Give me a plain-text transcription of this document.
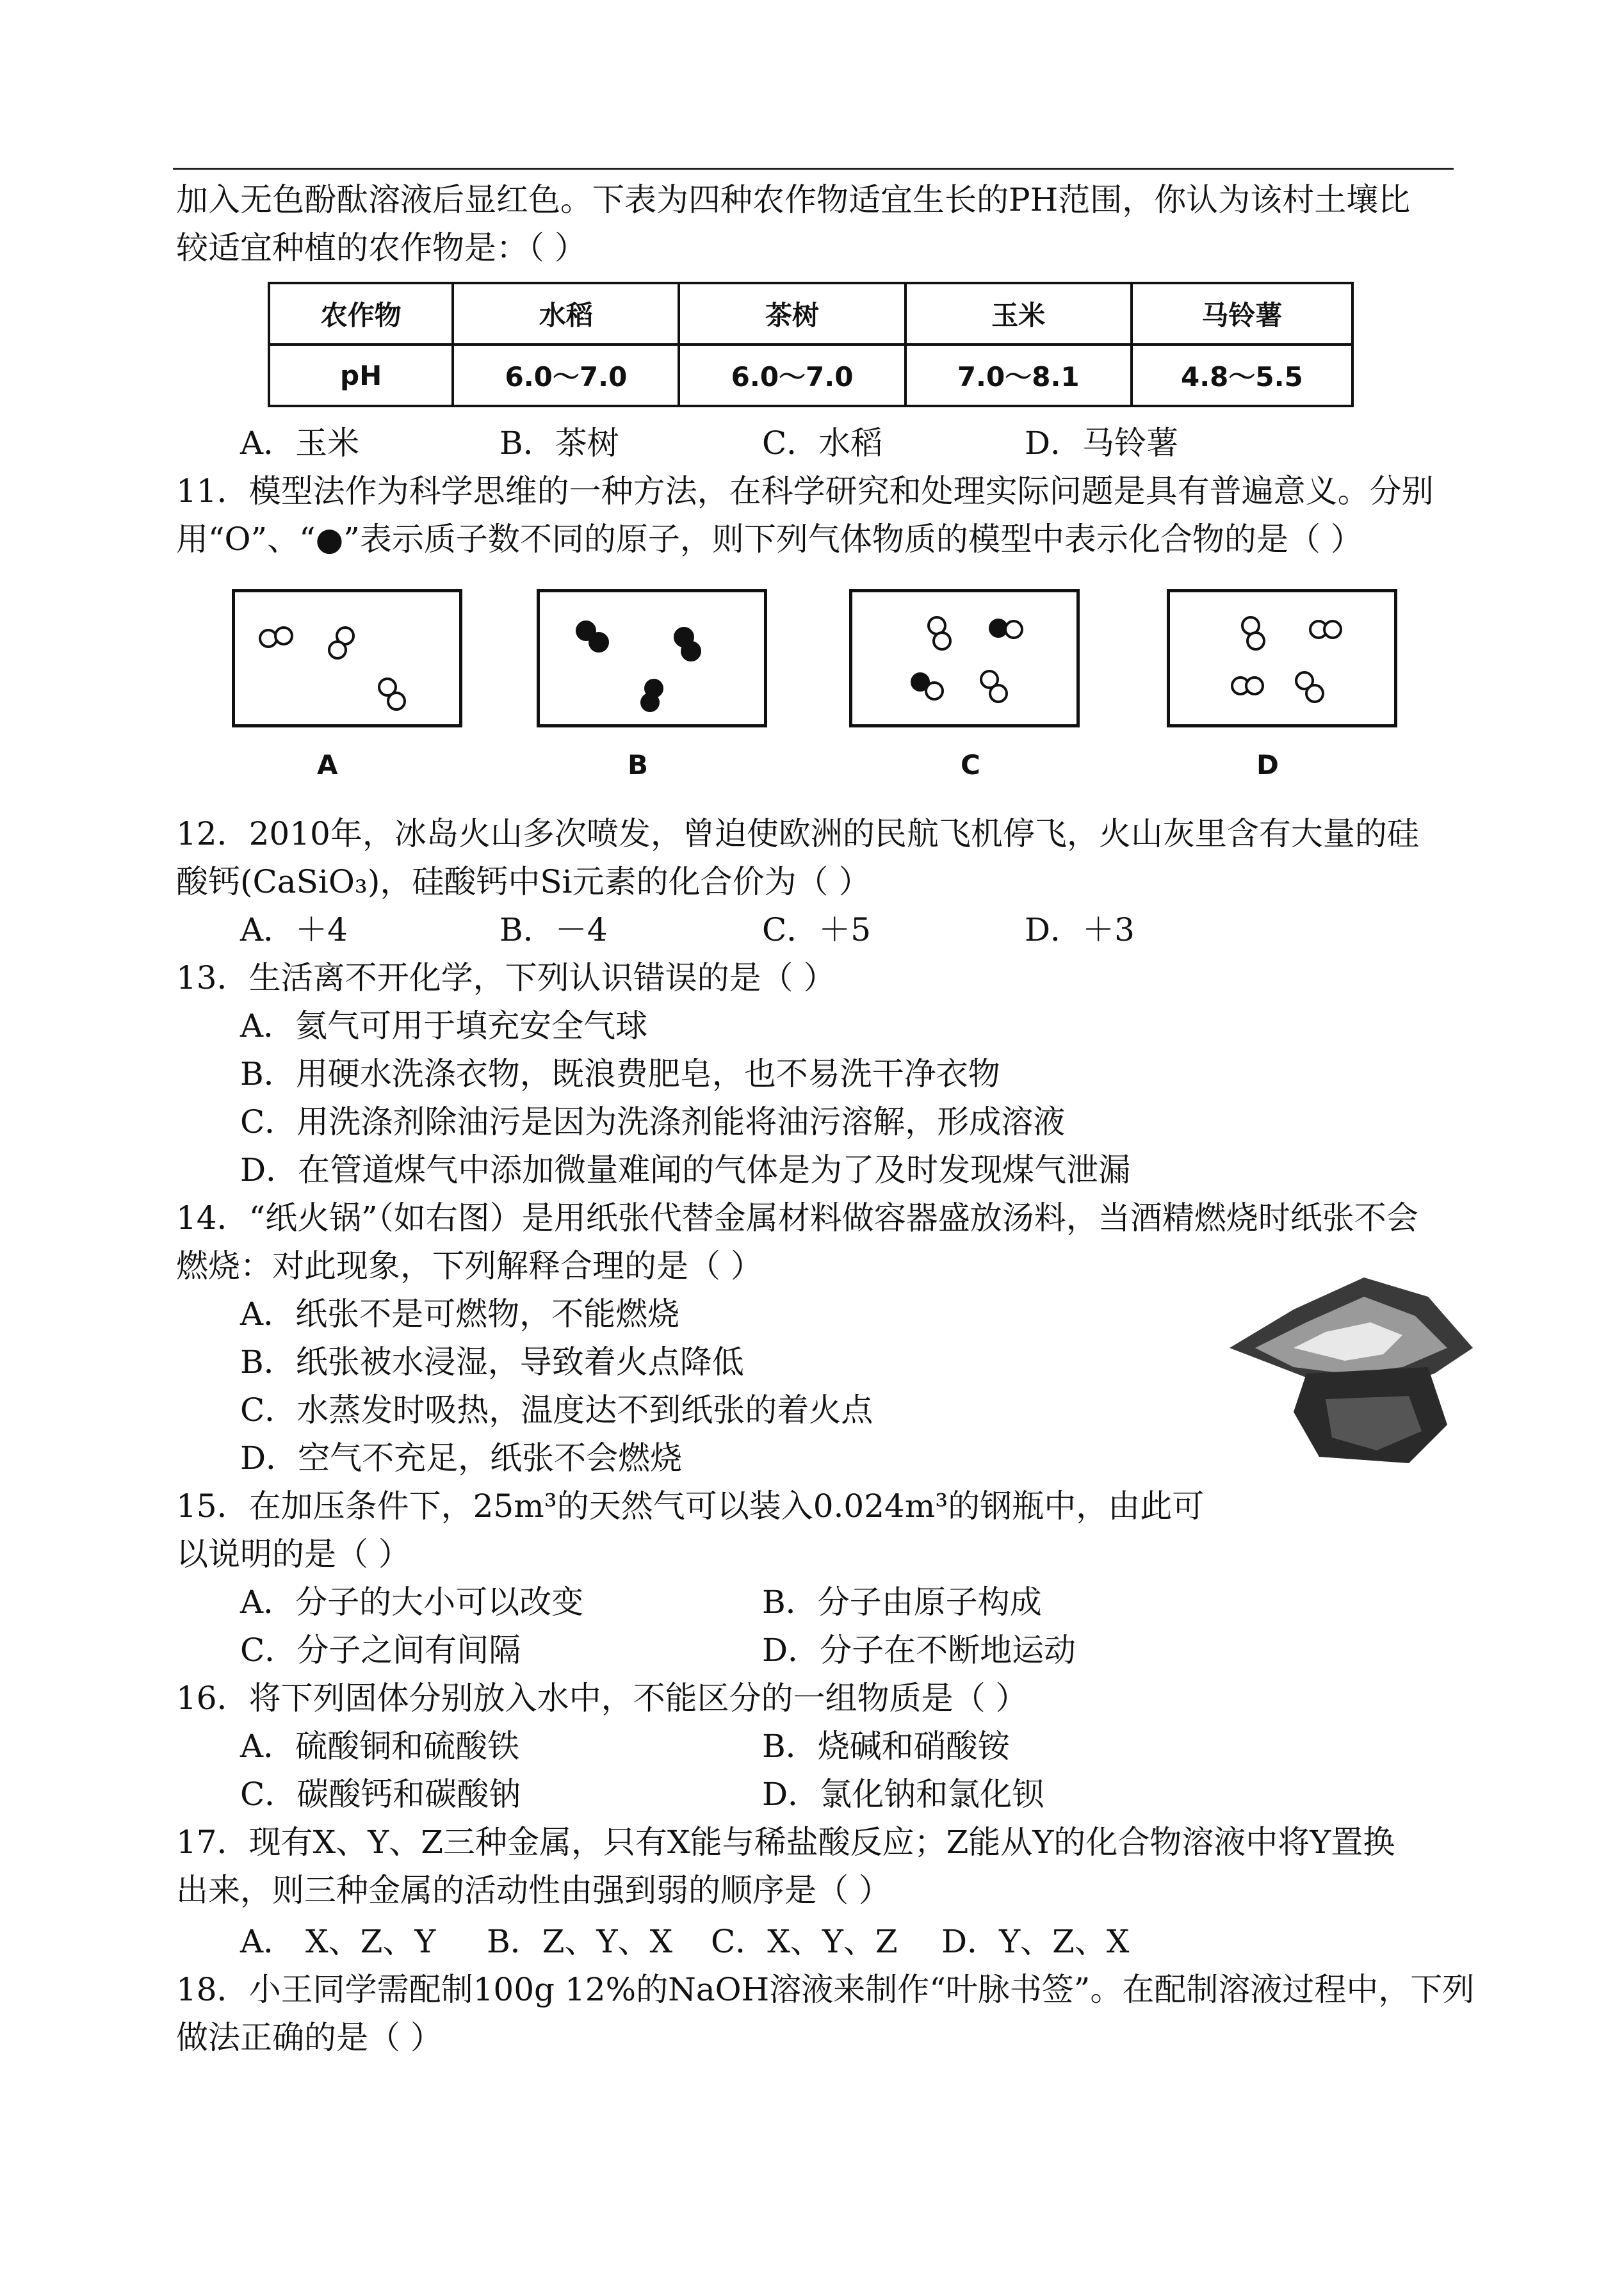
加入无色酚酞溶液后显红色。下表为四种农作物适宜生长的PH范围，你认为该村土壤比
较适宜种植的农作物是：（ ）
农作物	水稻	茶树	玉米	马铃薯
pH	6.0～7.0	6.0～7.0	7.0～8.1	4.8～5.5
A．玉米	B．茶树	C．水稻	D．马铃薯
11．模型法作为科学思维的一种方法，在科学研究和处理实际问题是具有普遍意义。分别
用“O”、“●”表示质子数不同的原子，则下列气体物质的模型中表示化合物的是（ ）
A	B	C	D
12．2010年，冰岛火山多次喷发，曾迫使欧洲的民航飞机停飞，火山灰里含有大量的硅
酸钙(CaSiO₃)，硅酸钙中Si元素的化合价为（ ）
A．＋4	B．－4	C．＋5	D．＋3
13．生活离不开化学，下列认识错误的是（ ）
A．氦气可用于填充安全气球
B．用硬水洗涤衣物，既浪费肥皂，也不易洗干净衣物
C．用洗涤剂除油污是因为洗涤剂能将油污溶解，形成溶液
D．在管道煤气中添加微量难闻的气体是为了及时发现煤气泄漏
14．“纸火锅”（如右图）是用纸张代替金属材料做容器盛放汤料，当酒精燃烧时纸张不会
燃烧：对此现象，下列解释合理的是（ ）
A．纸张不是可燃物，不能燃烧
B．纸张被水浸湿，导致着火点降低
C．水蒸发时吸热，温度达不到纸张的着火点
D．空气不充足，纸张不会燃烧
15．在加压条件下，25m³的天然气可以装入0.024m³的钢瓶中，由此可
以说明的是（ ）
A．分子的大小可以改变	B．分子由原子构成
C．分子之间有间隔	D．分子在不断地运动
16．将下列固体分别放入水中，不能区分的一组物质是（ ）
A．硫酸铜和硫酸铁	B．烧碱和硝酸铵
C．碳酸钙和碳酸钠	D．氯化钠和氯化钡
17．现有X、Y、Z三种金属，只有X能与稀盐酸反应；Z能从Y的化合物溶液中将Y置换
出来，则三种金属的活动性由强到弱的顺序是（ ）
A． X、Z、Y B．Z、Y、X C．X、Y、Z D．Y、Z、X
18．小王同学需配制100g 12%的NaOH溶液来制作“叶脉书签”。在配制溶液过程中，下列
做法正确的是（ ）
